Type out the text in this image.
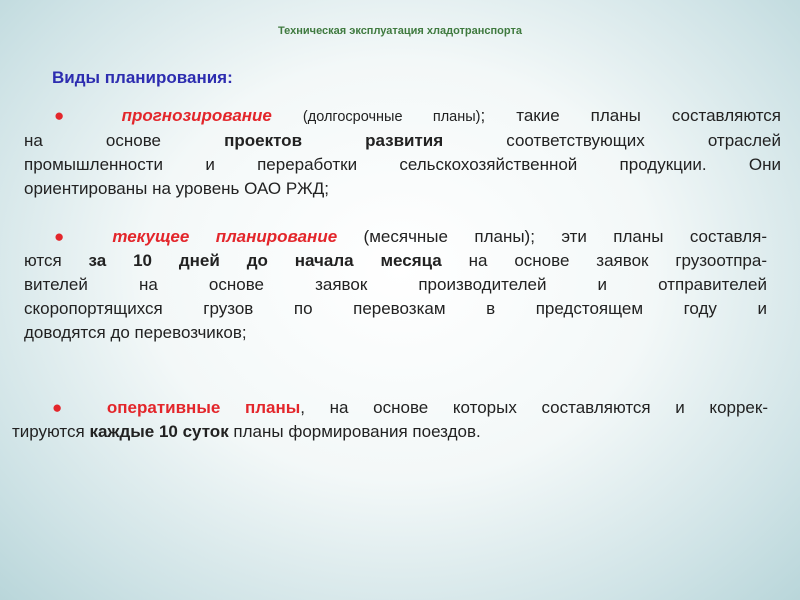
Техническая эксплуатация хладотранспорта
Виды планирования:
● прогнозирование (долгосрочные планы); такие планы составляются
на основе проектов развития соответствующих отраслей
промышленности и переработки сельскохозяйственной продукции. Они
ориентированы на уровень ОАО РЖД;
● текущее планирование (месячные планы); эти планы составля-
ются за 10 дней до начала месяца на основе заявок грузоотпра-
вителей на основе заявок производителей и отправителей
скоропортящихся грузов по перевозкам в предстоящем году и
доводятся до перевозчиков;
● оперативные планы, на основе которых составляются и коррек-
тируются каждые 10 суток планы формирования поездов.
